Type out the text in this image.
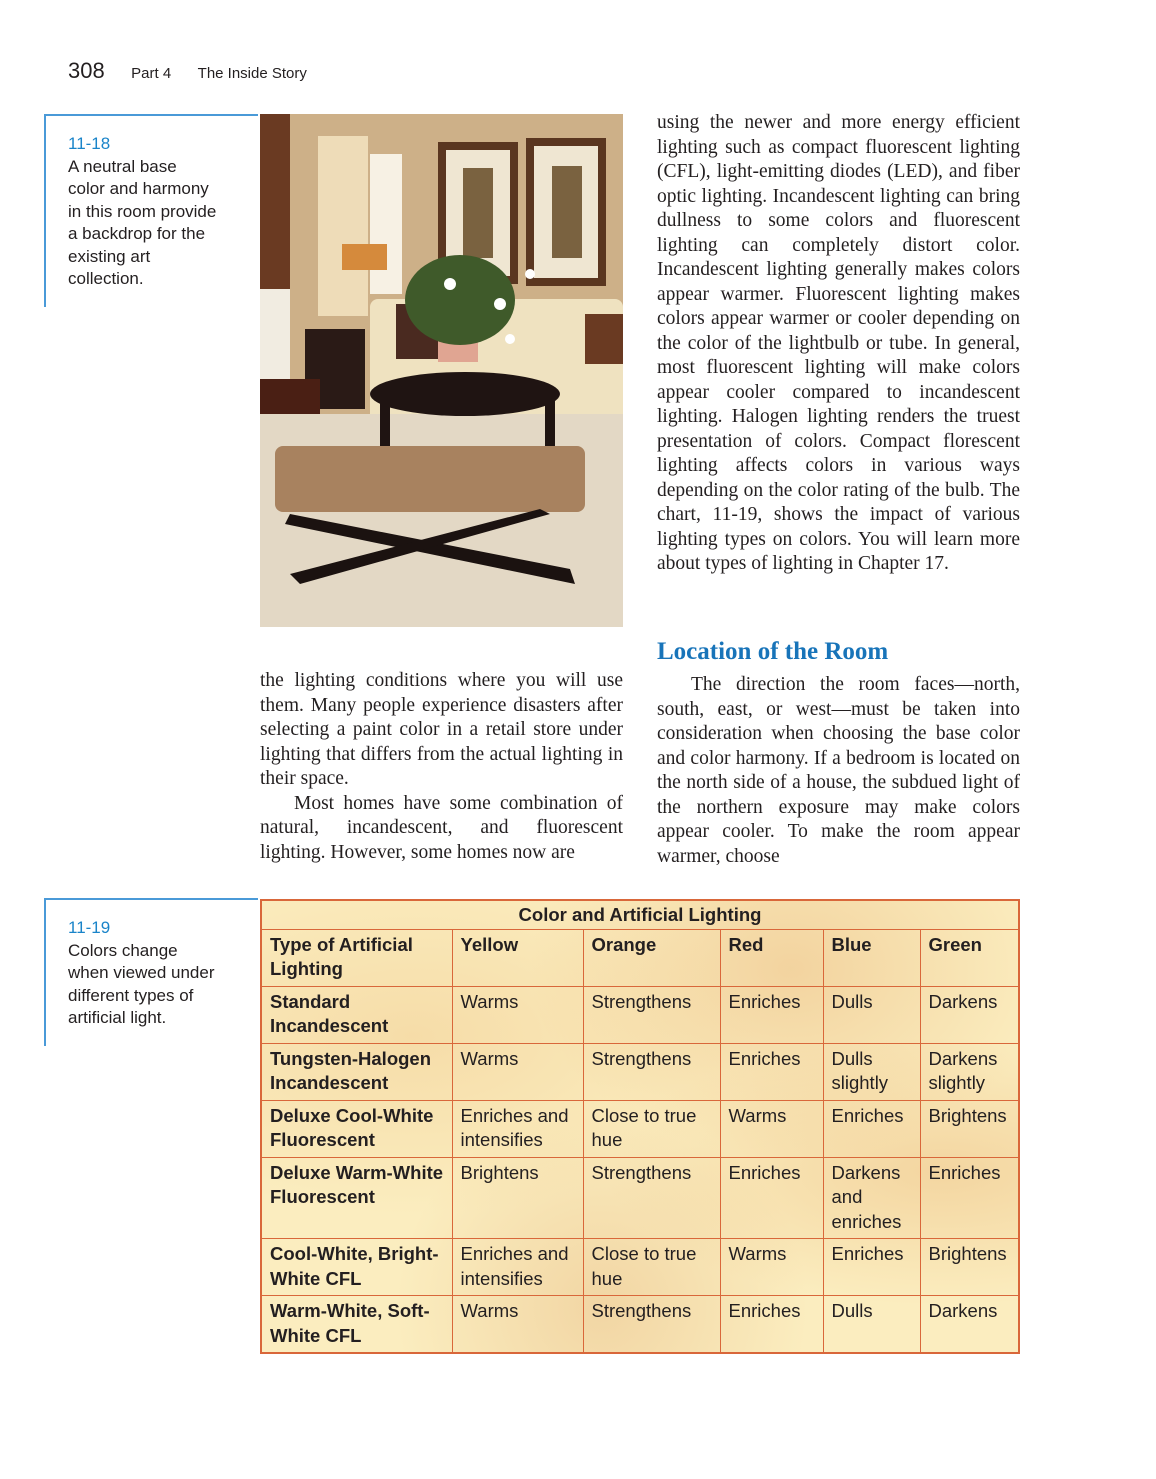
308 Part 4 The Inside Story
11-18
A neutral base color and harmony in this room provide a backdrop for the existing art collection.

using the newer and more energy efficient lighting such as compact fluorescent lighting (CFL), light-emitting diodes (LED), and fiber optic lighting. Incandescent lighting can bring dullness to some colors and fluorescent lighting can completely distort color. Incandescent lighting generally makes colors appear warmer. Fluorescent lighting makes colors appear warmer or cooler depending on the color of the lightbulb or tube. In general, most fluorescent lighting will make colors appear cooler compared to incandescent lighting. Halogen lighting renders the truest presentation of colors. Compact florescent lighting affects colors in various ways depending on the color rating of the bulb. The chart, 11-19, shows the impact of various lighting types on colors. You will learn more about types of lighting in Chapter 17.

Location of the Room

the lighting conditions where you will use them. Many people experience disasters after selecting a paint color in a retail store under lighting that differs from the actual lighting in their space.

Most homes have some combination of natural, incandescent, and fluorescent lighting. However, some homes now are

The direction the room faces—north, south, east, or west—must be taken into consideration when choosing the base color and color harmony. If a bedroom is located on the north side of a house, the subdued light of the northern exposure may make colors appear cooler. To make the room appear warmer, choose

11-19
Colors change when viewed under different types of artificial light.
Color and Artificial Lighting					
Type of Artificial Lighting	Yellow	Orange	Red	Blue	Green
Standard Incandescent	Warms	Strengthens	Enriches	Dulls	Darkens
Tungsten-Halogen Incandescent	Warms	Strengthens	Enriches	Dulls slightly	Darkens slightly
Deluxe Cool-White Fluorescent	Enriches and intensifies	Close to true hue	Warms	Enriches	Brightens
Deluxe Warm-White Fluorescent	Brightens	Strengthens	Enriches	Darkens and enriches	Enriches
Cool-White, Bright-White CFL	Enriches and intensifies	Close to true hue	Warms	Enriches	Brightens
Warm-White, Soft-White CFL	Warms	Strengthens	Enriches	Dulls	Darkens
